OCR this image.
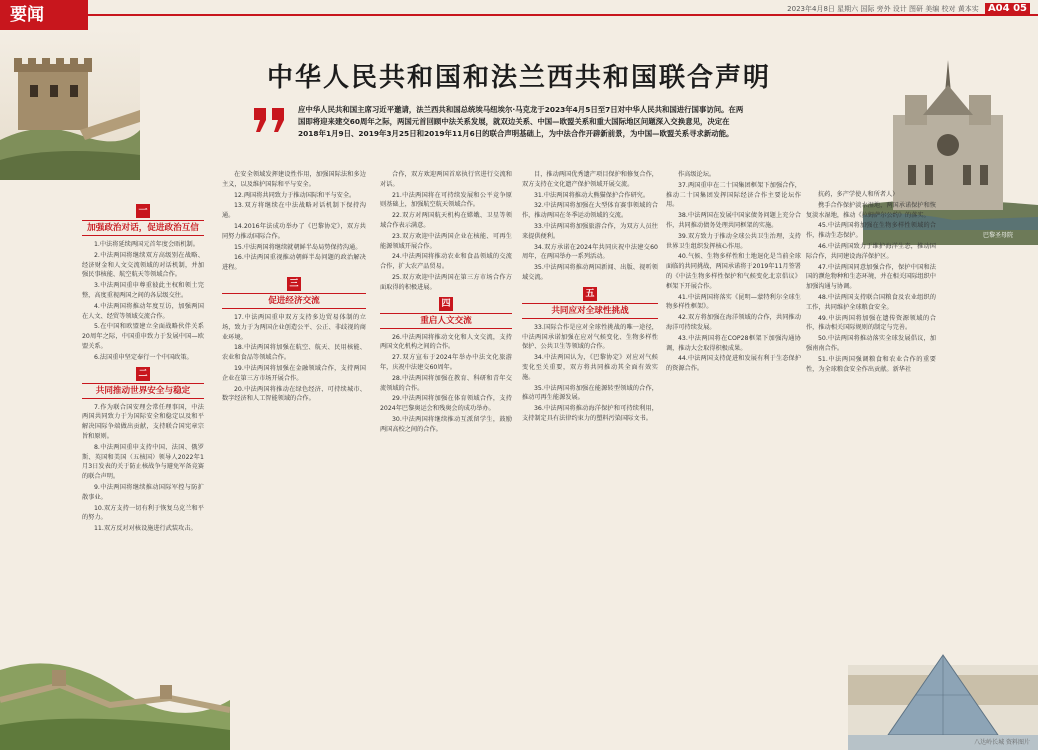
要闻	2023年4月8日 星期六 国际 旁外 设计 图研 美编 校对 黄本实 A04 05
巴黎圣母院
中华人民共和国和法兰西共和国联合声明
应中华人民共和国主席习近平邀请，法兰西共和国总统埃马纽埃尔·马克龙于2023年4月5日至7日对中华人民共和国进行国事访问。在两国即将迎来建交60周年之际，两国元首回顾中法关系发展，就双边关系、中国—欧盟关系和重大国际地区问题深入交换意见，决定在2018年1月9日、2019年3月25日和2019年11月6日的联合声明基础上，为中法合作开辟新前景，为中国—欧盟关系寻求新动能。
一
加强政治对话，促进政治互信

1.中法将延续两国元首年度会晤机制。

2.中法两国将继续双方高级别在战略、经济财金和人文交流领域的对话机制，并加强民事核能、航空航天等领域合作。

3.中法两国重申尊重彼此主权和领土完整，高度重视两国之间的各层级交往。

4.中法两国将推动年度互访，加强两国在人文、经贸等领域交流合作。

5.在中国和欧盟建立全面战略伙伴关系20周年之际，中国重申致力于发展中国—欧盟关系。

6.法国重申坚定奉行一个中国政策。

二
共同推动世界安全与稳定

7.作为联合国安理会常任理事国，中法两国共同致力于为国际安全和稳定以及和平解决国际争端做出贡献，支持联合国宪章宗旨和原则。

8.中法两国重申支持中国、法国、俄罗斯、英国和美国（五核国）领导人2022年1月3日发表的关于防止核战争与避免军备竞赛的联合声明。

9.中法两国将继续推动国际军控与防扩散事业。

10.双方支持一切有利于恢复乌克兰和平的努力。

11.双方反对对核设施进行武装攻击。

在安全领域发挥建设性作用，加强国际法和多边主义，以及维护国际和平与安全。

12.两国将共同致力于推动国际和平与安全。

13.双方将继续在中法战略对话机制下保持沟通。

14.2016年法成功举办了《巴黎协定》，双方共同努力推动国际合作。

15.中法两国将继续就朝鲜半岛局势保持沟通。

16.中法两国重视推动朝鲜半岛问题的政治解决进程。

三
促进经济交流

17.中法两国重申双方支持多边贸易体制的立场，致力于为两国企业创造公平、公正、非歧视的商业环境。

18.中法两国将加强在航空、航天、民用核能、农业和食品等领域合作。

19.中法两国将加强在金融领域合作，支持两国企业在第三方市场开展合作。

20.中法两国将推动在绿色经济、可持续城市、数字经济和人工智能领域的合作。

合作，双方欢迎两国首席执行官进行交流和对话。

21.中法两国将在可持续发展和公平竞争原则基础上，加强航空航天领域合作。

22.双方对两国航天机构在嫦娥、卫星等领域合作表示满意。

23.双方欢迎中法两国企业在核能、可再生能源领域开展合作。

24.中法两国将推动农业和食品领域的交流合作，扩大农产品贸易。

25.双方欢迎中法两国在第三方市场合作方面取得的积极进展。

四
重启人文交流

26.中法两国将推动文化和人文交流，支持两国文化机构之间的合作。

27.双方宣布于2024年举办中法文化旅游年，庆祝中法建交60周年。

28.中法两国将加强在教育、科研和青年交流领域的合作。

29.中法两国将加强在体育领域合作，支持2024年巴黎奥运会和残奥会的成功举办。

30.中法两国将继续推动互派留学生，鼓励两国高校之间的合作。

目，推动两国优秀遗产项目保护和修复合作，双方支持在文化遗产保护领域开展交流。

31.中法两国将推动大熊猫保护合作研究。

32.中法两国将加强在大型体育赛事领域的合作，推动两国在冬季运动领域的交流。

33.中法两国将加强旅游合作，为双方人员往来提供便利。

34.双方承诺在2024年共同庆祝中法建交60周年，在两国举办一系列活动。

35.中法两国将推动两国新闻、出版、视听领域交流。

五
共同应对全球性挑战

33.国际合作是应对全球性挑战的唯一途径，中法两国承诺加强在应对气候变化、生物多样性保护、公共卫生等领域的合作。

34.中法两国认为，《巴黎协定》对应对气候变化至关重要，双方将共同推动其全面有效实施。

35.中法两国将加强在能源转型领域的合作，推动可再生能源发展。

36.中法两国将推动海洋保护和可持续利用，支持制定具有法律约束力的塑料污染国际文书。

作高级论坛。

37.两国重申在二十国集团框架下加强合作，推动二十国集团发挥国际经济合作主要论坛作用。

38.中法两国在发展中国家债务问题上充分合作，共同推动债务处理共同框架的实施。

39.双方致力于推动全球公共卫生治理，支持世界卫生组织发挥核心作用。

40.气候、生物多样性和土地退化是当前全球面临的共同挑战，两国承诺将于2019年11月签署的《中法生物多样性保护和气候变化北京倡议》框架下开展合作。

41.中法两国将落实《昆明—蒙特利尔全球生物多样性框架》。

42.双方将加强在海洋领域的合作，共同推动海洋可持续发展。

43.中法两国将在COP28框架下加强沟通协调，推动大会取得积极成果。

44.中法两国支持促进和发展有利于生态保护的资源合作。

抗药，多产学使人和所者人）

携手合作保护淡水湿地，两国承诺保护和恢复淡水湿地，推动《拉姆萨尔公约》的落实。

45.中法两国将加强在生物多样性领域的合作，推动生态保护。

46.中法两国致力于维护海洋生态，推动国际合作，共同建设海洋保护区。

47.中法两国同意加强合作，保护中国和法国的濒危物种和生态环境，并在相关国际组织中加强沟通与协调。

48.中法两国支持联合国粮食及农业组织的工作，共同维护全球粮食安全。

49.中法两国将加强在遗传资源领域的合作，推动相关国际规则的制定与完善。

50.中法两国将推动落实全球发展倡议，加强南南合作。

51.中法两国强调粮食和农业合作的重要性，为全球粮食安全作出贡献。新华社

八达岭长城 资料图片
